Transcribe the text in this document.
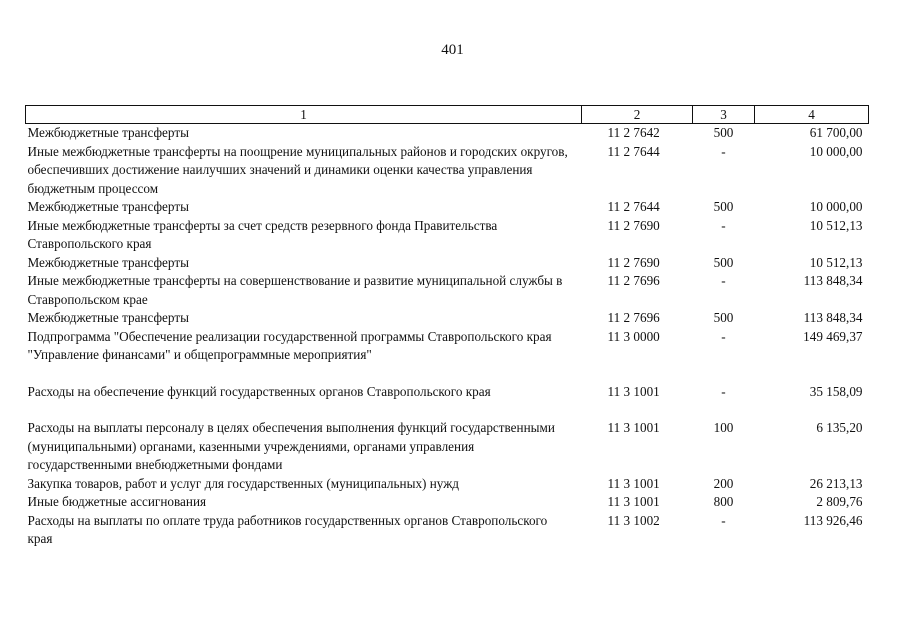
401
1	2	3	4
Межбюджетные трансферты	11 2 7642	500	61 700,00
Иные межбюджетные трансферты на поощрение муниципальных районов и городских округов, обеспечивших достижение наилучших значений и динамики оценки качества управления бюджетным процессом	11 2 7644	-	10 000,00
Межбюджетные трансферты	11 2 7644	500	10 000,00
Иные межбюджетные трансферты за счет средств резервного фонда Правительства Ставропольского края	11 2 7690	-	10 512,13
Межбюджетные трансферты	11 2 7690	500	10 512,13
Иные межбюджетные трансферты на совершенствование и развитие муниципальной службы в Ставропольском крае	11 2 7696	-	113 848,34
Межбюджетные трансферты	11 2 7696	500	113 848,34
Подпрограмма "Обеспечение реализации государственной программы Ставропольского края "Управление финансами" и общепрограммные мероприятия"	11 3 0000	-	149 469,37
Расходы на обеспечение функций государственных органов Ставропольского края	11 3 1001	-	35 158,09
Расходы на выплаты персоналу в целях обеспечения выполнения функций государственными (муниципальными) органами, казенными учреждениями, органами управления государственными внебюджетными фондами	11 3 1001	100	6 135,20
Закупка товаров, работ и услуг для государственных (муниципальных) нужд	11 3 1001	200	26 213,13
Иные бюджетные ассигнования	11 3 1001	800	2 809,76
Расходы на выплаты по оплате труда работников государственных органов Ставропольского края	11 3 1002	-	113 926,46
